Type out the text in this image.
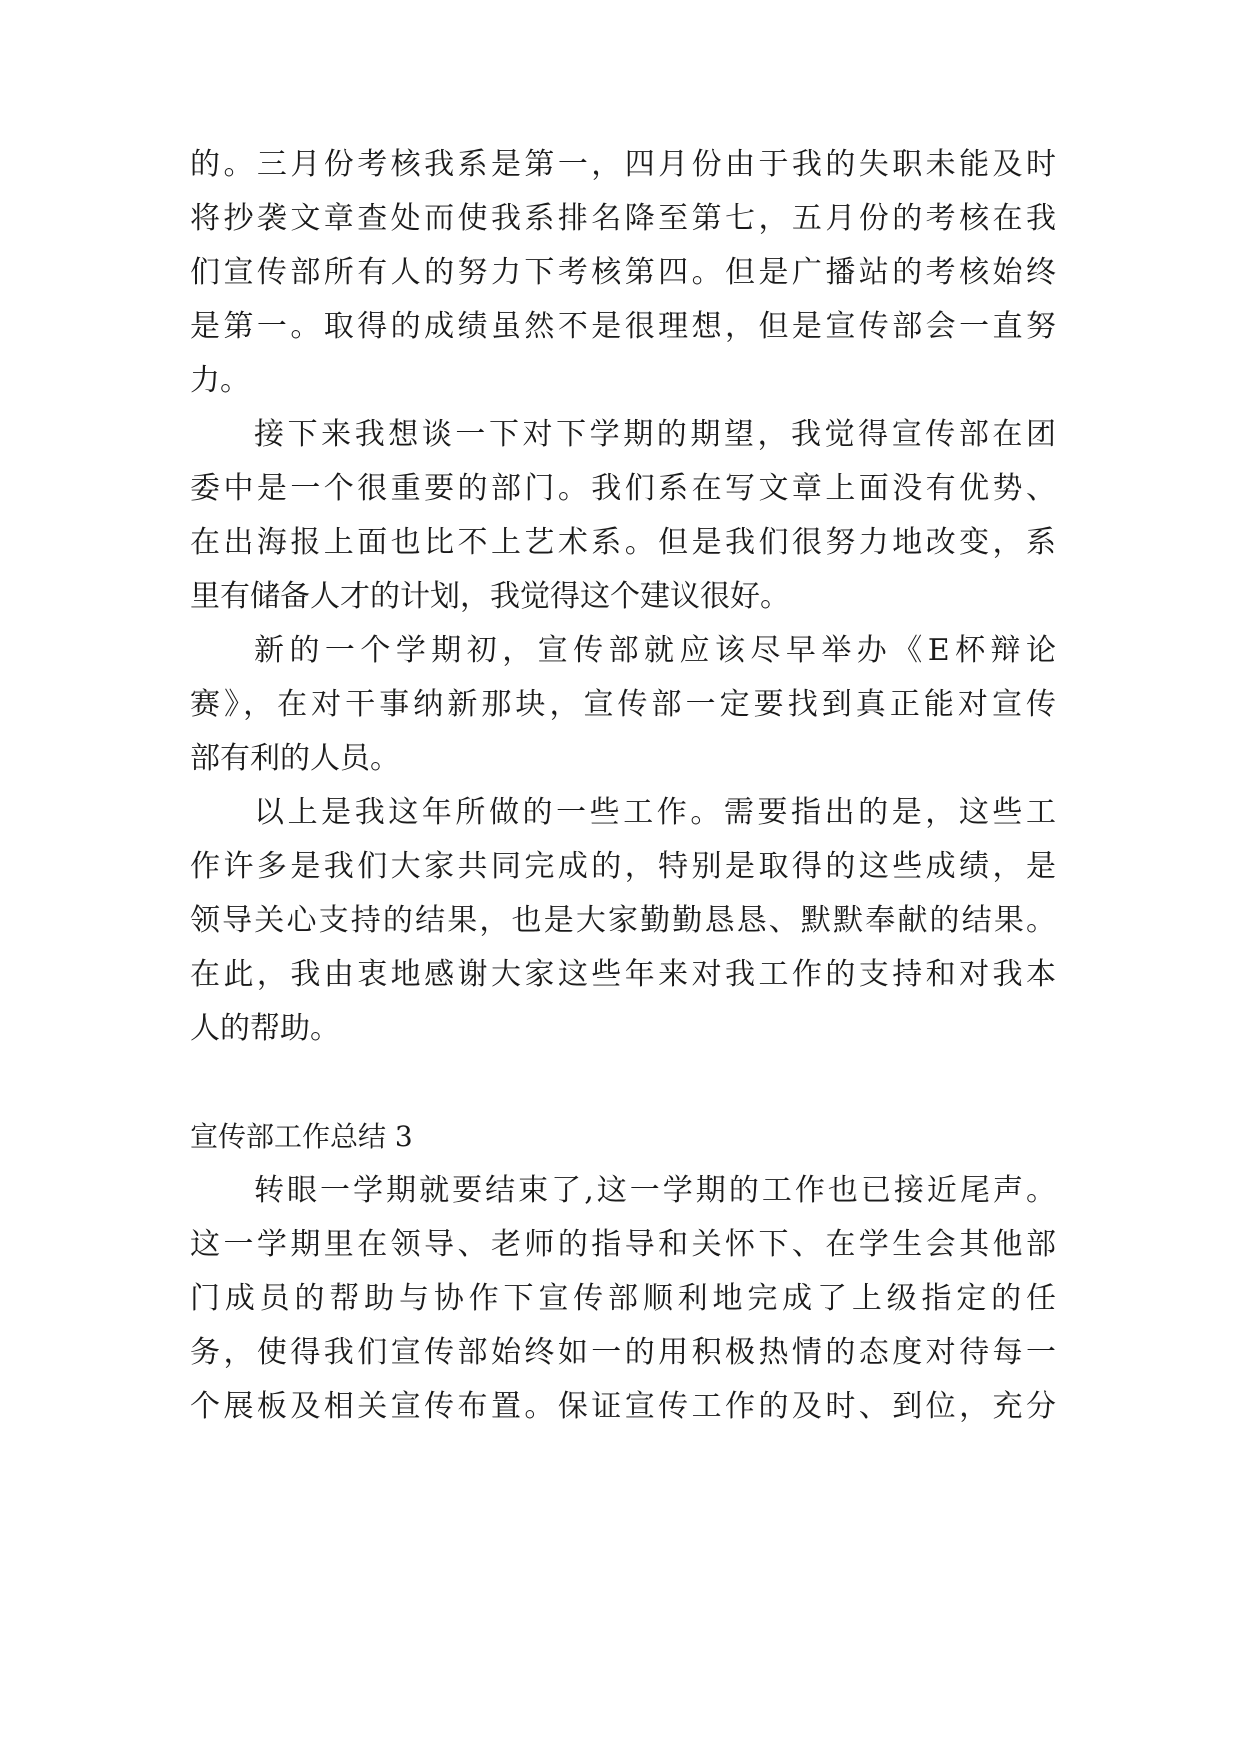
的。三月份考核我系是第一，四月份由于我的失职未能及时
将抄袭文章查处而使我系排名降至第七，五月份的考核在我
们宣传部所有人的努力下考核第四。但是广播站的考核始终
是第一。取得的成绩虽然不是很理想，但是宣传部会一直努
力。
接下来我想谈一下对下学期的期望，我觉得宣传部在团
委中是一个很重要的部门。我们系在写文章上面没有优势、
在出海报上面也比不上艺术系。但是我们很努力地改变，系
里有储备人才的计划，我觉得这个建议很好。
新的一个学期初，宣传部就应该尽早举办《E杯辩论
赛》，在对干事纳新那块，宣传部一定要找到真正能对宣传
部有利的人员。
以上是我这年所做的一些工作。需要指出的是，这些工
作许多是我们大家共同完成的，特别是取得的这些成绩，是
领导关心支持的结果，也是大家勤勤恳恳、默默奉献的结果。
在此，我由衷地感谢大家这些年来对我工作的支持和对我本
人的帮助。
宣传部工作总结 3
转眼一学期就要结束了,这一学期的工作也已接近尾声。
这一学期里在领导、老师的指导和关怀下、在学生会其他部
门成员的帮助与协作下宣传部顺利地完成了上级指定的任
务，使得我们宣传部始终如一的用积极热情的态度对待每一
个展板及相关宣传布置。保证宣传工作的及时、到位，充分
